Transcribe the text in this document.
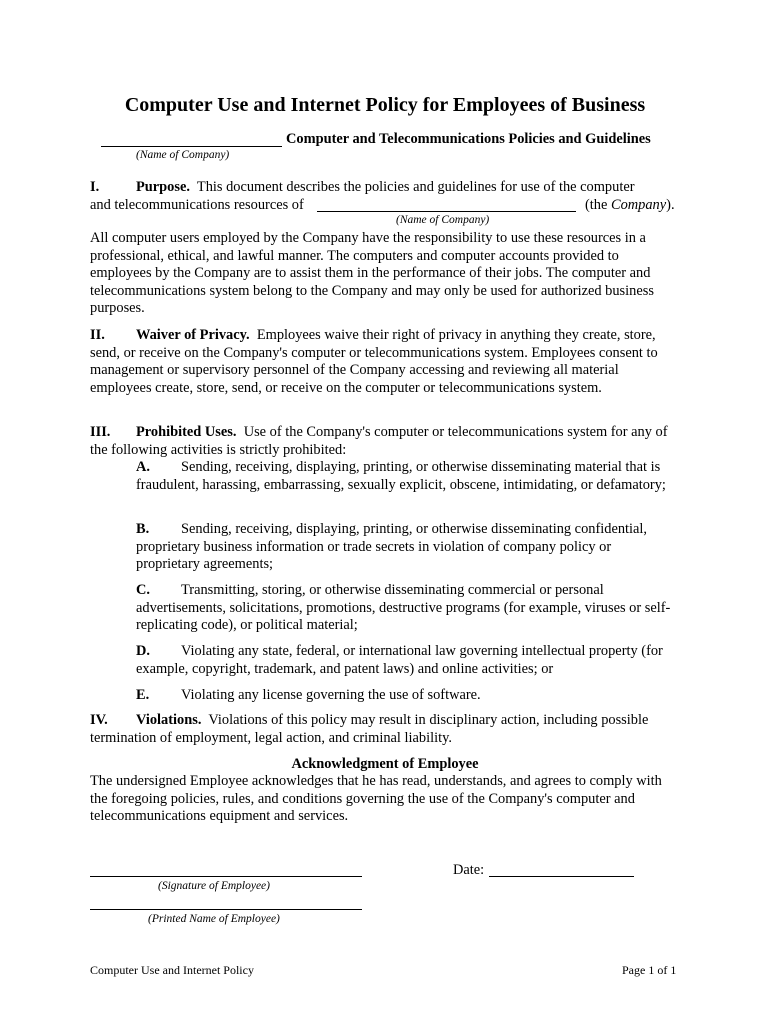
Computer Use and Internet Policy for Employees of Business
Computer and Telecommunications Policies and Guidelines
(Name of Company)
I.	Purpose. This document describes the policies and guidelines for use of the computer
and telecommunications resources of	(the Company).
(Name of Company)
All computer users employed by the Company have the responsibility to use these resources in a professional, ethical, and lawful manner. The computers and computer accounts provided to employees by the Company are to assist them in the performance of their jobs. The computer and telecommunications system belong to the Company and may only be used for authorized business purposes.
II. Waiver of Privacy. Employees waive their right of privacy in anything they create, store, send, or receive on the Company's computer or telecommunications system. Employees consent to management or supervisory personnel of the Company accessing and reviewing all material employees create, store, send, or receive on the computer or telecommunications system.
III. Prohibited Uses. Use of the Company's computer or telecommunications system for any of the following activities is strictly prohibited:
A. Sending, receiving, displaying, printing, or otherwise disseminating material that is fraudulent, harassing, embarrassing, sexually explicit, obscene, intimidating, or defamatory;
B. Sending, receiving, displaying, printing, or otherwise disseminating confidential, proprietary business information or trade secrets in violation of company policy or proprietary agreements;
C. Transmitting, storing, or otherwise disseminating commercial or personal advertisements, solicitations, promotions, destructive programs (for example, viruses or self-replicating code), or political material;
D. Violating any state, federal, or international law governing intellectual property (for example, copyright, trademark, and patent laws) and online activities; or
E. Violating any license governing the use of software.
IV. Violations. Violations of this policy may result in disciplinary action, including possible termination of employment, legal action, and criminal liability.
Acknowledgment of Employee
The undersigned Employee acknowledges that he has read, understands, and agrees to comply with the foregoing policies, rules, and conditions governing the use of the Company's computer and telecommunications equipment and services.
(Signature of Employee)
Date:
(Printed Name of Employee)
Computer Use and Internet Policy	Page 1 of 1
